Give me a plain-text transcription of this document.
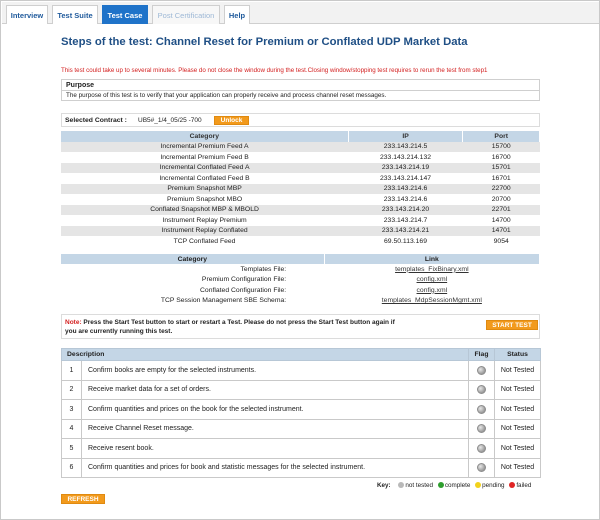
Interview	Test Suite	Test Case	Post Certification	Help
Steps of the test: Channel Reset for Premium or Conflated UDP Market Data
This test could take up to several minutes. Please do not close the window during the test.Closing window/stopping test requires to rerun the test from step1
Purpose
The purpose of this test is to verify that your application can properly receive and process channel reset messages.
Selected Contract : UB5#_1/4_05/25 -700	Unlock
Category	IP	Port
Incremental Premium Feed A	233.143.214.5	15700
Incremental Premium Feed B	233.143.214.132	16700
Incremental Conflated Feed A	233.143.214.19	15701
Incremental Conflated Feed B	233.143.214.147	16701
Premium Snapshot MBP	233.143.214.6	22700
Premium Snapshot MBO	233.143.214.6	20700
Conflated Snapshot MBP & MBOLD	233.143.214.20	22701
Instrument Replay Premium	233.143.214.7	14700
Instrument Replay Conflated	233.143.214.21	14701
TCP Conflated Feed	69.50.113.169	9054
Category	Link
Templates File:	templates_FixBinary.xml
Premium Configuration File:	config.xml
Conflated Configuration File:	config.xml
TCP Session Management SBE Schema:	templates_MdpSessionMgmt.xml
Note: Press the Start Test button to start or restart a Test. Please do not press the Start Test button again if you are currently running this test.
START TEST
Description		Flag	Status
1	Confirm books are empty for the selected instruments.		Not Tested
2	Receive market data for a set of orders.		Not Tested
3	Confirm quantities and prices on the book for the selected instrument.		Not Tested
4	Receive Channel Reset message.		Not Tested
5	Receive resent book.		Not Tested
6	Confirm quantities and prices for book and statistic messages for the selected instrument.		Not Tested
Key: not tested complete pending failed
REFRESH
